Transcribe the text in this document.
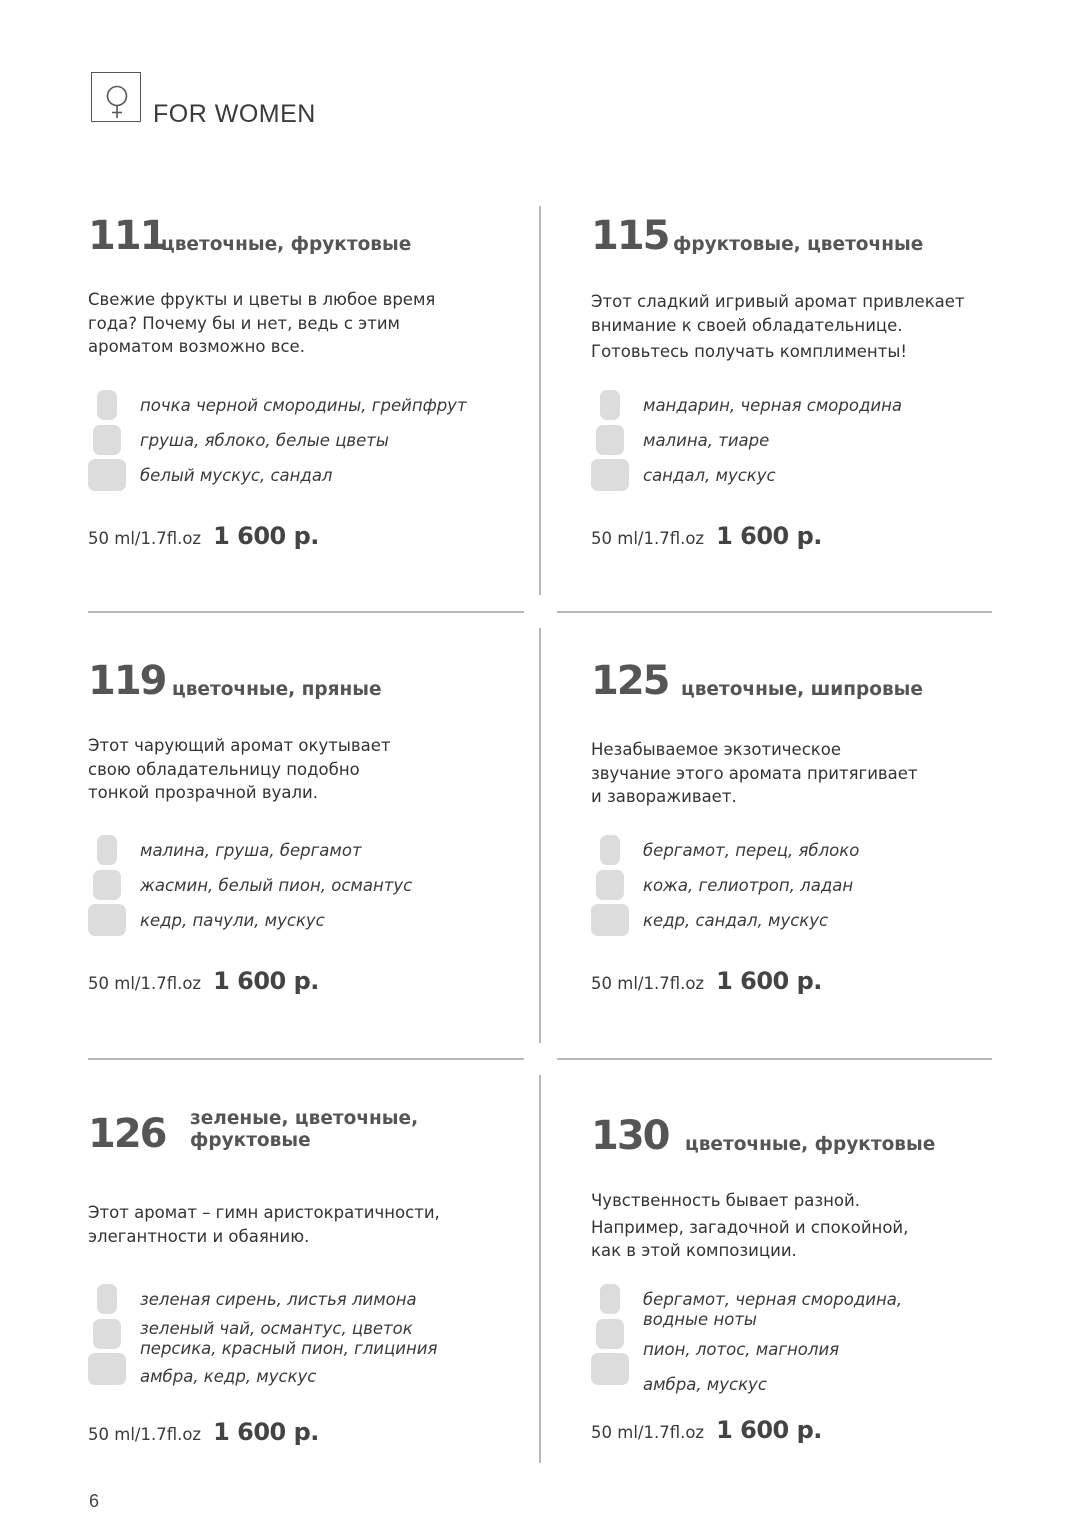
FOR WOMEN
111
цветочные, фруктовые
Свежие фрукты и цветы в любое время
года? Почему бы и нет, ведь с этим
ароматом возможно все.
почка черной смородины, грейпфрут
груша, яблоко, белые цветы
белый мускус, сандал
50 ml/1.7fl.oz 1 600 р.
115 фруктовые, цветочные
Этот сладкий игривый аромат привлекает
внимание к своей обладательнице.
Готовьтесь получать комплименты!
мандарин, черная смородина
малина, тиаре
сандал, мускус
50 ml/1.7fl.oz 1 600 р.
119 цветочные, пряные
Этот чарующий аромат окутывает
свою обладательницу подобно
тонкой прозрачной вуали.
малина, груша, бергамот
жасмин, белый пион, османтус
кедр, пачули, мускус
50 ml/1.7fl.oz 1 600 р.
125 цветочные, шипровые
Незабываемое экзотическое
звучание этого аромата притягивает
и завораживает.
бергамот, перец, яблоко
кожа, гелиотроп, ладан
кедр, сандал, мускус
50 ml/1.7fl.oz 1 600 р.
126 зеленые, цветочные,
фруктовые
Этот аромат – гимн аристократичности,
элегантности и обаянию.
зеленая сирень, листья лимона
зеленый чай, османтус, цветок
персика, красный пион, глициния
амбра, кедр, мускус
50 ml/1.7fl.oz 1 600 р.
130 цветочные, фруктовые
Чувственность бывает разной.
Например, загадочной и спокойной,
как в этой композиции.
бергамот, черная смородина,
водные ноты
пион, лотос, магнолия
амбра, мускус
50 ml/1.7fl.oz 1 600 р.
6
